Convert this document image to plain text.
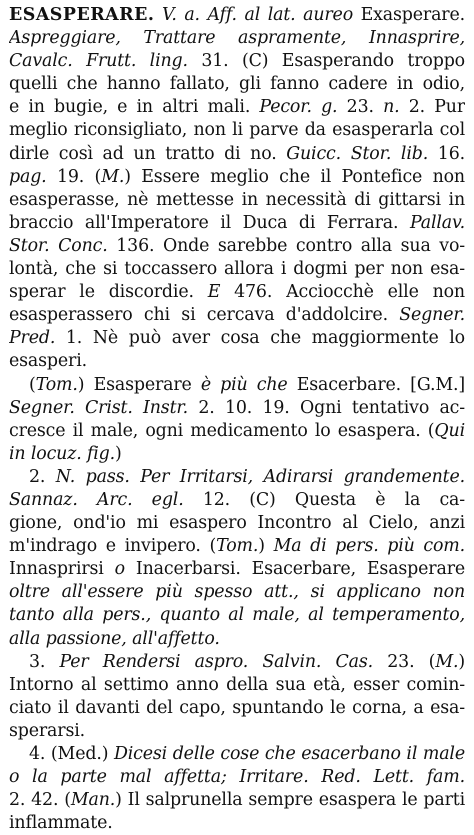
ESASPERARE. V. a. Aff. al lat. aureo Exasperare.
Aspreggiare, Trattare aspramente, Innasprire,
Cavalc. Frutt. ling. 31. (C) Esasperando troppo
quelli che hanno fallato, gli fanno cadere in odio,
e in bugie, e in altri mali. Pecor. g. 23. n. 2. Pur
meglio riconsigliato, non li parve da esasperarla col
dirle così ad un tratto di no. Guicc. Stor. lib. 16.
pag. 19. (M.) Essere meglio che il Pontefice non
esasperasse, nè mettesse in necessità di gittarsi in
braccio all'Imperatore il Duca di Ferrara. Pallav.
Stor. Conc. 136. Onde sarebbe contro alla sua vo-
lontà, che si toccassero allora i dogmi per non esa-
sperar le discordie. E 476. Acciocchè elle non
esasperassero chi si cercava d'addolcire. Segner.
Pred. 1. Nè può aver cosa che maggiormente lo
esasperi.
(Tom.) Esasperare è più che Esacerbare. [G.M.]
Segner. Crist. Instr. 2. 10. 19. Ogni tentativo ac-
cresce il male, ogni medicamento lo esaspera. (Qui
in locuz. fig.)
2. N. pass. Per Irritarsi, Adirarsi grandemente.
Sannaz. Arc. egl. 12. (C) Questa è la ca-
gione, ond'io mi esaspero Incontro al Cielo, anzi
m'indrago e invipero. (Tom.) Ma di pers. più com.
Innasprirsi o Inacerbarsi. Esacerbare, Esasperare
oltre all'essere più spesso att., si applicano non
tanto alla pers., quanto al male, al temperamento,
alla passione, all'affetto.
3. Per Rendersi aspro. Salvin. Cas. 23. (M.)
Intorno al settimo anno della sua età, esser comin-
ciato il davanti del capo, spuntando le corna, a esa-
sperarsi.
4. (Med.) Dicesi delle cose che esacerbano il male
o la parte mal affetta; Irritare. Red. Lett. fam.
2. 42. (Man.) Il salprunella sempre esaspera le parti
inflammate.
